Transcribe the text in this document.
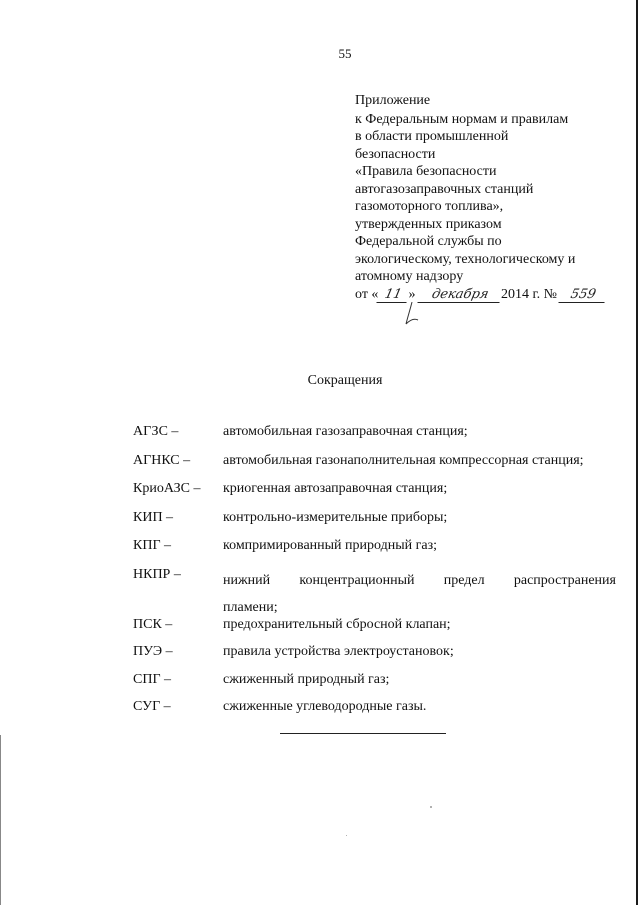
55
Приложение
к Федеральным нормам и правилам
в области промышленной
безопасности
«Правила безопасности
автогазозаправочных станций
газомоторного топлива»,
утвержденных приказом
Федеральной службы по
экологическому, технологическому и
атомному надзору
от « 11 » декабря 2014 г. № 559
Сокращения
АГЗС –	автомобильная газозаправочная станция;
АГНКС –	автомобильная газонаполнительная компрессорная станция;
КриоАЗС –	криогенная автозаправочная станция;
КИП –	контрольно-измерительные приборы;
КПГ –	компримированный природный газ;
НКПР –	нижний концентрационный предел распространения
пламени;
ПСК –	предохранительный сбросной клапан;
ПУЭ –	правила устройства электроустановок;
СПГ –	сжиженный природный газ;
СУГ –	сжиженные углеводородные газы.
